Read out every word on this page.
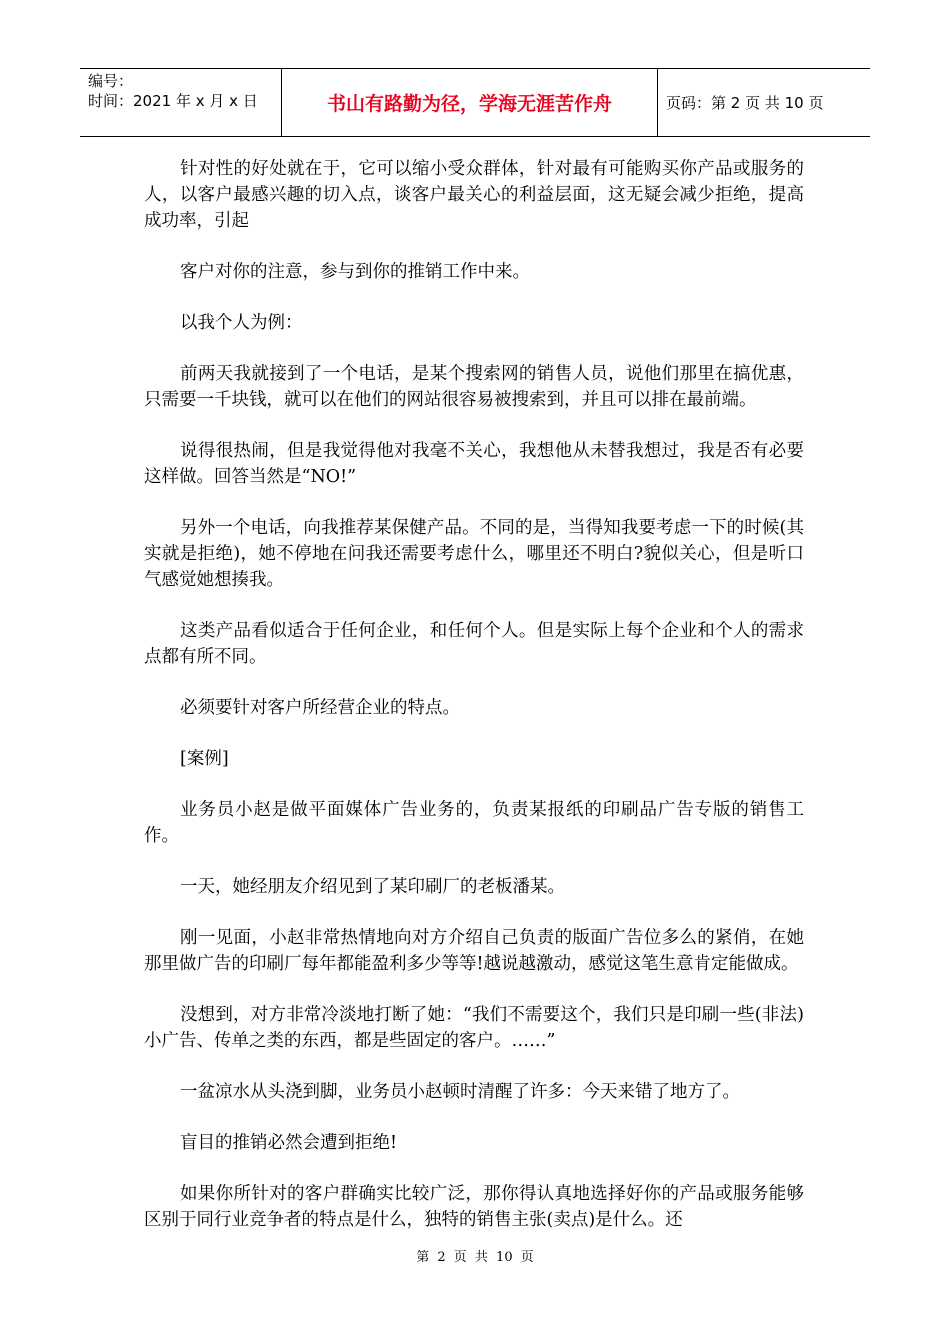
编号：
时间：2021 年 x 月 x 日	书山有路勤为径，学海无涯苦作舟	页码：第 2 页 共 10 页

针对性的好处就在于，它可以缩小受众群体，针对最有可能购买你产品或服务的人，以客户最感兴趣的切入点，谈客户最关心的利益层面，这无疑会减少拒绝，提高成功率，引起

客户对你的注意，参与到你的推销工作中来。

以我个人为例：

前两天我就接到了一个电话，是某个搜索网的销售人员，说他们那里在搞优惠，只需要一千块钱，就可以在他们的网站很容易被搜索到，并且可以排在最前端。

说得很热闹，但是我觉得他对我毫不关心，我想他从未替我想过，我是否有必要这样做。回答当然是“NO!”

另外一个电话，向我推荐某保健产品。不同的是，当得知我要考虑一下的时候(其实就是拒绝)，她不停地在问我还需要考虑什么，哪里还不明白?貌似关心，但是听口气感觉她想揍我。

这类产品看似适合于任何企业，和任何个人。但是实际上每个企业和个人的需求点都有所不同。

必须要针对客户所经营企业的特点。

[案例]

业务员小赵是做平面媒体广告业务的，负责某报纸的印刷品广告专版的销售工作。

一天，她经朋友介绍见到了某印刷厂的老板潘某。

刚一见面，小赵非常热情地向对方介绍自己负责的版面广告位多么的紧俏，在她那里做广告的印刷厂每年都能盈利多少等等!越说越激动，感觉这笔生意肯定能做成。

没想到，对方非常冷淡地打断了她：“我们不需要这个，我们只是印刷一些(非法)小广告、传单之类的东西，都是些固定的客户。……”

一盆凉水从头浇到脚，业务员小赵顿时清醒了许多：今天来错了地方了。

盲目的推销必然会遭到拒绝!

如果你所针对的客户群确实比较广泛，那你得认真地选择好你的产品或服务能够区别于同行业竞争者的特点是什么，独特的销售主张(卖点)是什么。还

第 2 页 共 10 页
